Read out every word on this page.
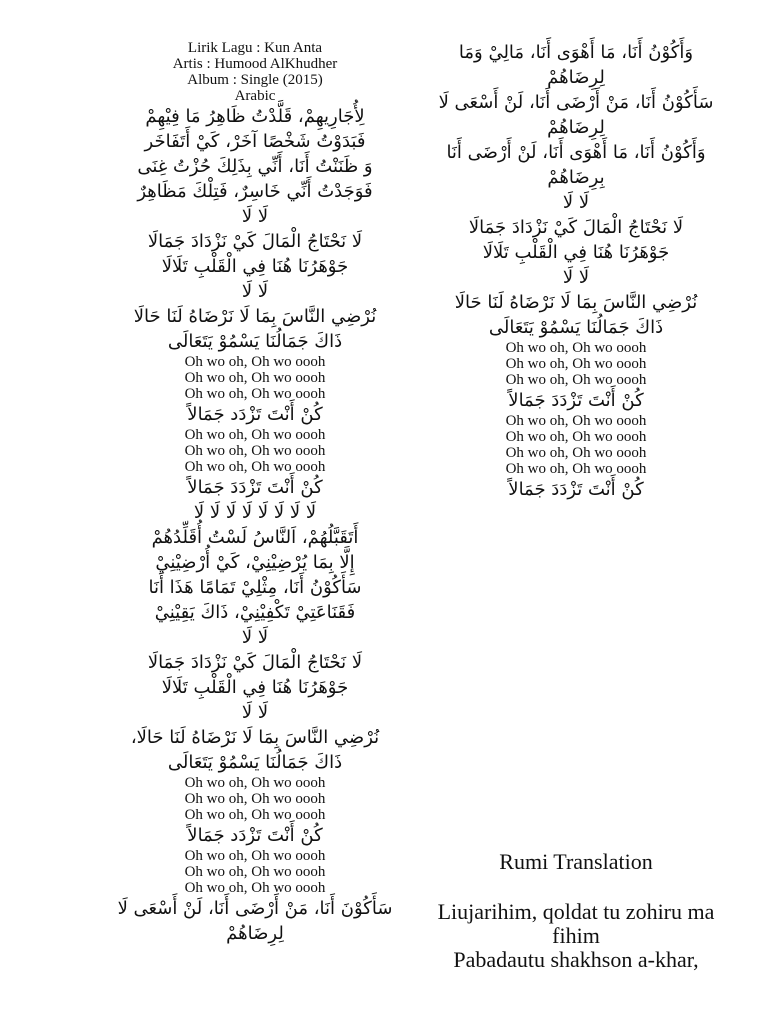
Lirik Lagu : Kun Anta
Artis : Humood AlKhudher
Album : Single (2015)
Arabic
لِأُجَارِيهِمْ، قَلَّدْتُ ظَاهِرُ مَا فِيْهِمْ
فَبَدَوْتُ شَخْصًا آخَرْ، كَيْ أَتَفَاخَر
وَ ظَنَنْتُ أَنَا، أَنِّي بِذَلِكَ حُزْتُ غِنَى
فَوَجَدْتُ أَنِّي خَاسِرٌ، فَتِلْكَ مَظَاهِرٌ
لَا لَا
لَا نَحْتَاجُ الْمَالَ كَيْ نَزْدَادَ جَمَالَا
جَوْهَرُنَا هُنَا فِي الْقَلْبِ تَلَالَا
لَا لَا
نُرْضِي النَّاسَ بِمَا لَا نَرْضَاهُ لَنَا حَالَا
ذَاكَ جَمَالُنَا يَسْمُوْ يَتَعَالَى
Oh wo oh, Oh wo oooh
Oh wo oh, Oh wo oooh
Oh wo oh, Oh wo oooh
كُنْ أَنْتَ تَزْدَد جَمَالاً
Oh wo oh, Oh wo oooh
Oh wo oh, Oh wo oooh
Oh wo oh, Oh wo oooh
كُنْ أَنْتَ تَزْدَدَ جَمَالاً
لَا لَا لَا لَا لَا لَا لَا لَا
أَتَقَبَّلُهُمْ، اَلنَّاسُ لَسْتُ أُقَلِّدُهُمْ
إِلَّا بِمَا يُرْضِيْنِيْ، كَيْ أُرْضِيْنِيْ
سَأَكُوْنُ أَنَا، مِثْلِيْ تَمَامًا هَذَا أَنَا
فَقَنَاعَتِيْ تَكْفِيْنِيْ، ذَاكَ يَقِيْنِيْ
لَا لَا
لَا نَحْتَاجُ الْمَالَ كَيْ نَزْدَادَ جَمَالَا
جَوْهَرُنَا هُنَا فِي الْقَلْبِ تَلَالَا
لَا لَا
نُرْضِي النَّاسَ بِمَا لَا نَرْضَاهُ لَنَا حَالَا،
ذَاكَ جَمَالُنَا يَسْمُوْ يَتَعَالَى
Oh wo oh, Oh wo oooh
Oh wo oh, Oh wo oooh
Oh wo oh, Oh wo oooh
كُنْ أَنْتَ تَزْدَد جَمَالاً
Oh wo oh, Oh wo oooh
Oh wo oh, Oh wo oooh
Oh wo oh, Oh wo oooh
سَأَكُوْنَ أَنَا، مَنْ أَرْضَى أَنَا، لَنْ أَسْعَى لَا
لِرِضَاهُمْ
وَأَكُوْنُ أَنَا، مَا أَهْوَى أَنَا، مَالِيْ وَمَا
لِرِضَاهُمْ
سَأَكُوْنُ أَنَا، مَنْ أَرْضَى أَنَا، لَنْ أَسْعَى لَا
لِرِضَاهُمْ
وَأَكُوْنُ أَنَا، مَا أَهْوَى أَنَا، لَنْ أَرْضَى أَنَا
بِرِضَاهُمْ
لَا لَا
لَا نَحْتَاجُ الْمَالَ كَيْ نَزْدَادَ جَمَالَا
جَوْهَرُنَا هُنَا فِي الْقَلْبِ تَلَالَا
لَا لَا
نُرْضِي النَّاسَ بِمَا لَا نَرْضَاهُ لَنَا حَالَا
ذَاكَ جَمَالُنَا يَسْمُوْ يَتَعَالَى
Oh wo oh, Oh wo oooh
Oh wo oh, Oh wo oooh
Oh wo oh, Oh wo oooh
كُنْ أَنْتَ تَزْدَدَ جَمَالاً
Oh wo oh, Oh wo oooh
Oh wo oh, Oh wo oooh
Oh wo oh, Oh wo oooh
Oh wo oh, Oh wo oooh
كُنْ أَنْتَ تَزْدَدَ جَمَالاً
Rumi Translation
Liujarihim, qoldat tu zohiru ma
fihim
Pabadautu shakhson a-khar,
